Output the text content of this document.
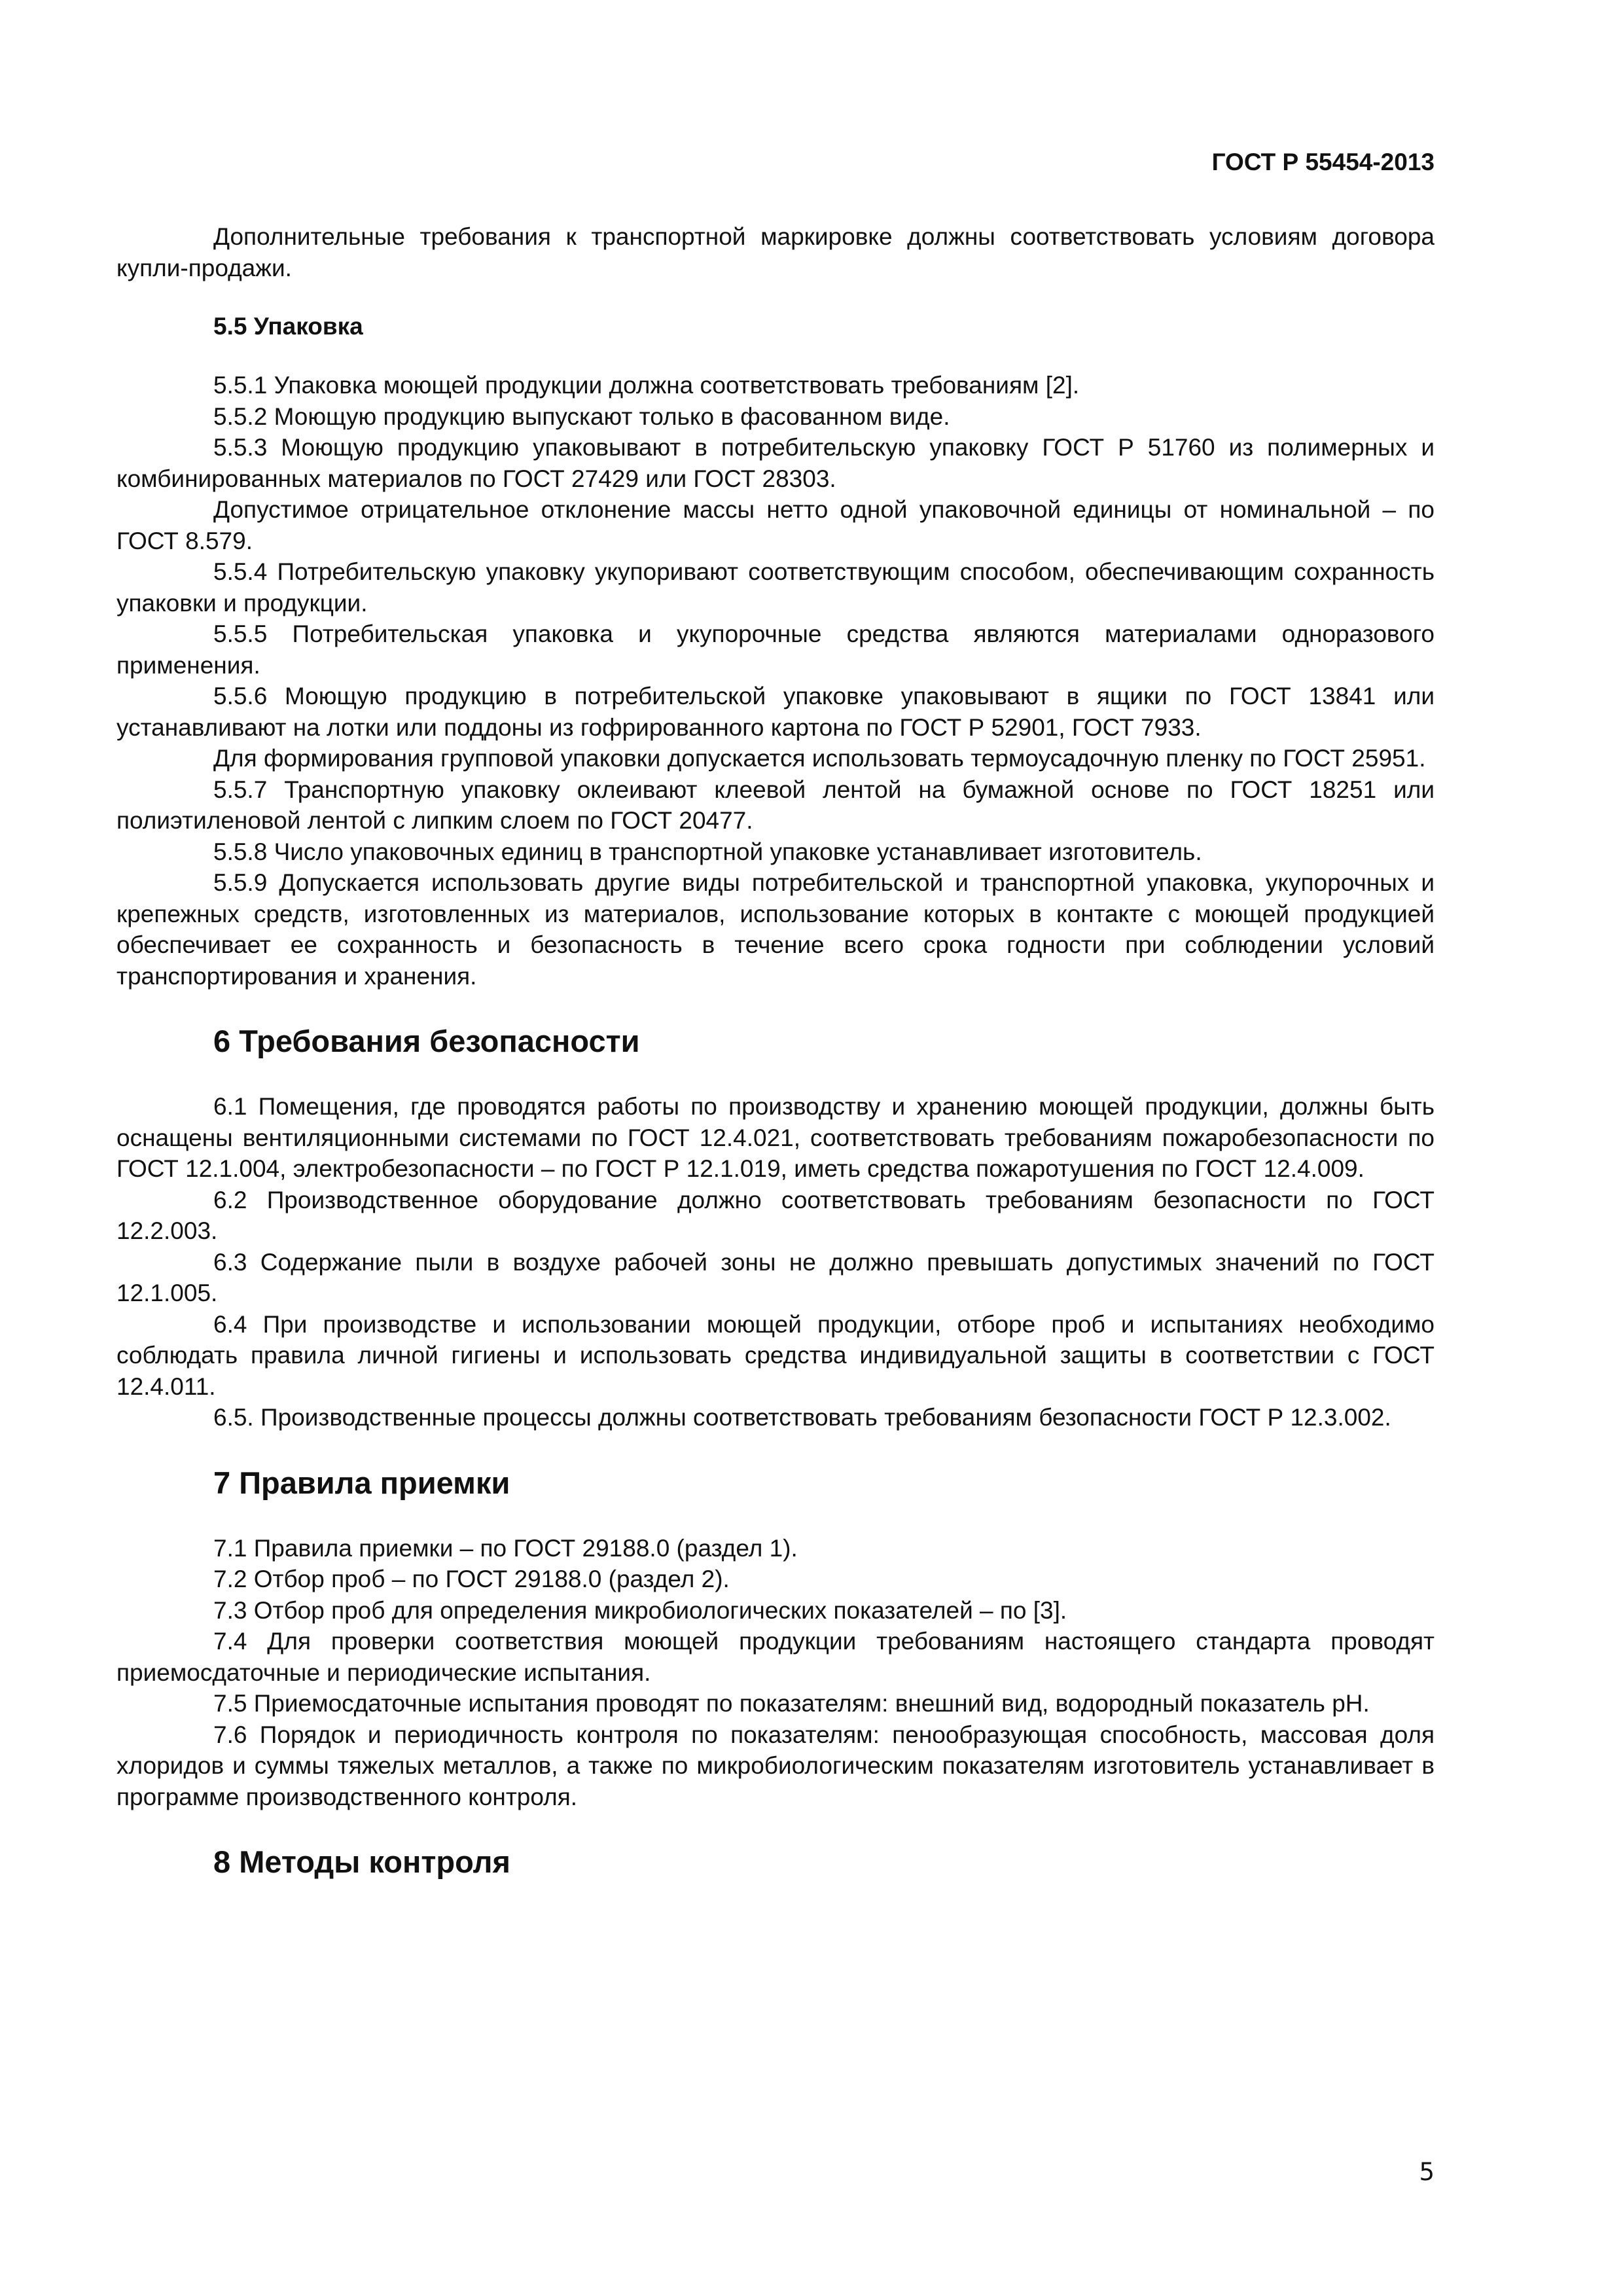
ГОСТ Р 55454-2013

Дополнительные требования к транспортной маркировке должны соответствовать условиям договора купли-продажи.

5.5 Упаковка

5.5.1 Упаковка моющей продукции должна соответствовать требованиям [2].

5.5.2 Моющую продукцию выпускают только в фасованном виде.

5.5.3 Моющую продукцию упаковывают в потребительскую упаковку ГОСТ Р 51760 из полимерных и комбинированных материалов по ГОСТ 27429 или ГОСТ 28303.

Допустимое отрицательное отклонение массы нетто одной упаковочной единицы от номинальной – по ГОСТ 8.579.

5.5.4 Потребительскую упаковку укупоривают соответствующим способом, обеспечивающим сохранность упаковки и продукции.

5.5.5 Потребительская упаковка и укупорочные средства являются материалами одноразового применения.

5.5.6 Моющую продукцию в потребительской упаковке упаковывают в ящики по ГОСТ 13841 или устанавливают на лотки или поддоны из гофрированного картона по ГОСТ Р 52901, ГОСТ 7933.

Для формирования групповой упаковки допускается использовать термоусадочную пленку по ГОСТ 25951.

5.5.7 Транспортную упаковку оклеивают клеевой лентой на бумажной основе по ГОСТ 18251 или полиэтиленовой лентой с липким слоем по ГОСТ 20477.

5.5.8 Число упаковочных единиц в транспортной упаковке устанавливает изготовитель.

5.5.9 Допускается использовать другие виды потребительской и транспортной упаковка, укупорочных и крепежных средств, изготовленных из материалов, использование которых в контакте с моющей продукцией обеспечивает ее сохранность и безопасность в течение всего срока годности при соблюдении условий транспортирования и хранения.

6 Требования безопасности

6.1 Помещения, где проводятся работы по производству и хранению моющей продукции, должны быть оснащены вентиляционными системами по ГОСТ 12.4.021, соответствовать требованиям пожаробезопасности по ГОСТ 12.1.004, электробезопасности – по ГОСТ Р 12.1.019, иметь средства пожаротушения по ГОСТ 12.4.009.

6.2 Производственное оборудование должно соответствовать требованиям безопасности по ГОСТ 12.2.003.

6.3 Содержание пыли в воздухе рабочей зоны не должно превышать допустимых значений по ГОСТ 12.1.005.

6.4 При производстве и использовании моющей продукции, отборе проб и испытаниях необходимо соблюдать правила личной гигиены и использовать средства индивидуальной защиты в соответствии с ГОСТ 12.4.011.

6.5. Производственные процессы должны соответствовать требованиям безопасности ГОСТ Р 12.3.002.

7 Правила приемки

7.1 Правила приемки – по ГОСТ 29188.0 (раздел 1).

7.2 Отбор проб – по ГОСТ 29188.0 (раздел 2).

7.3 Отбор проб для определения микробиологических показателей – по [3].

7.4 Для проверки соответствия моющей продукции требованиям настоящего стандарта проводят приемосдаточные и периодические испытания.

7.5 Приемосдаточные испытания проводят по показателям: внешний вид, водородный показатель рН.

7.6 Порядок и периодичность контроля по показателям: пенообразующая способность, массовая доля хлоридов и суммы тяжелых металлов, а также по микробиологическим показателям изготовитель устанавливает в программе производственного контроля.

8 Методы контроля
5
